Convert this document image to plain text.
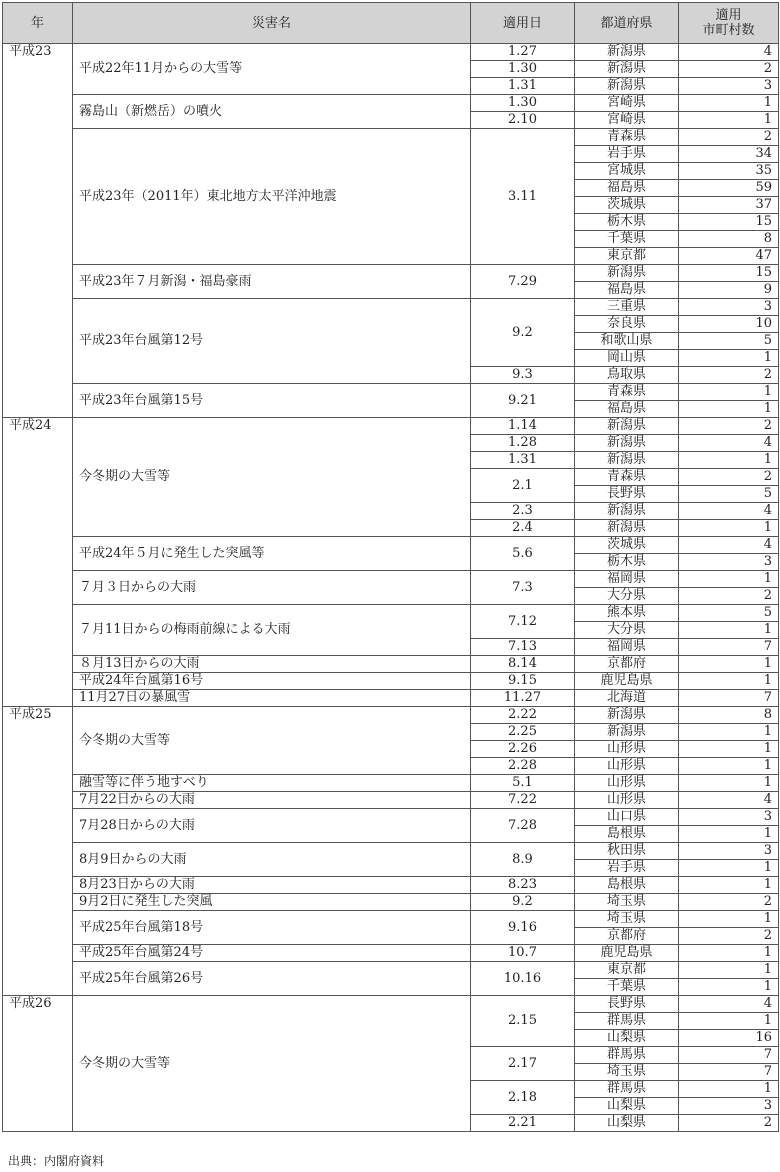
年	災害名	適用日	都道府県	適用
市町村数
平成23	平成22年11月からの大雪等	1.27	新潟県	4
		1.30	新潟県	2
		1.31	新潟県	3
	霧島山（新燃岳）の噴火	1.30	宮崎県	1
		2.10	宮崎県	1
	平成23年（2011年）東北地方太平洋沖地震	3.11	青森県	2
			岩手県	34
			宮城県	35
			福島県	59
			茨城県	37
			栃木県	15
			千葉県	8
			東京都	47
	平成23年７月新潟・福島豪雨	7.29	新潟県	15
			福島県	9
	平成23年台風第12号	9.2	三重県	3
			奈良県	10
			和歌山県	5
			岡山県	1
		9.3	鳥取県	2
	平成23年台風第15号	9.21	青森県	1
			福島県	1
平成24	今冬期の大雪等	1.14	新潟県	2
		1.28	新潟県	4
		1.31	新潟県	1
		2.1	青森県	2
			長野県	5
		2.3	新潟県	4
		2.4	新潟県	1
	平成24年５月に発生した突風等	5.6	茨城県	4
			栃木県	3
	７月３日からの大雨	7.3	福岡県	1
			大分県	2
	７月11日からの梅雨前線による大雨	7.12	熊本県	5
			大分県	1
		7.13	福岡県	7
	８月13日からの大雨	8.14	京都府	1
	平成24年台風第16号	9.15	鹿児島県	1
	11月27日の暴風雪	11.27	北海道	7
平成25	今冬期の大雪等	2.22	新潟県	8
		2.25	新潟県	1
		2.26	山形県	1
		2.28	山形県	1
	融雪等に伴う地すべり	5.1	山形県	1
	7月22日からの大雨	7.22	山形県	4
	7月28日からの大雨	7.28	山口県	3
			島根県	1
	8月9日からの大雨	8.9	秋田県	3
			岩手県	1
	8月23日からの大雨	8.23	島根県	1
	9月2日に発生した突風	9.2	埼玉県	2
	平成25年台風第18号	9.16	埼玉県	1
			京都府	2
	平成25年台風第24号	10.7	鹿児島県	1
	平成25年台風第26号	10.16	東京都	1
			千葉県	1
平成26	今冬期の大雪等	2.15	長野県	4
			群馬県	1
			山梨県	16
		2.17	群馬県	7
			埼玉県	7
		2.18	群馬県	1
			山梨県	3
		2.21	山梨県	2
出典：内閣府資料
